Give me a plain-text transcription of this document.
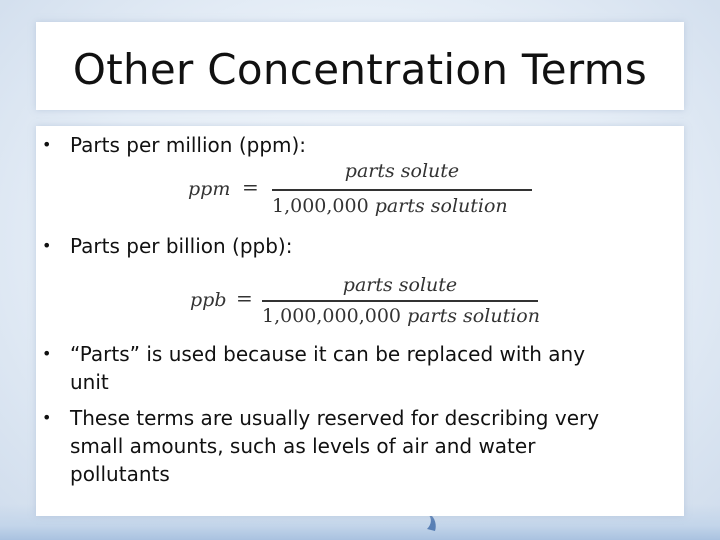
Other Concentration Terms
• Parts per million (ppm):
ppm =
parts solute
1,000,000 parts solution
• Parts per billion (ppb):
ppb =
parts solute
1,000,000,000 parts solution
• “Parts” is used because it can be replaced with any
unit
• These terms are usually reserved for describing very
small amounts, such as levels of air and water
pollutants
